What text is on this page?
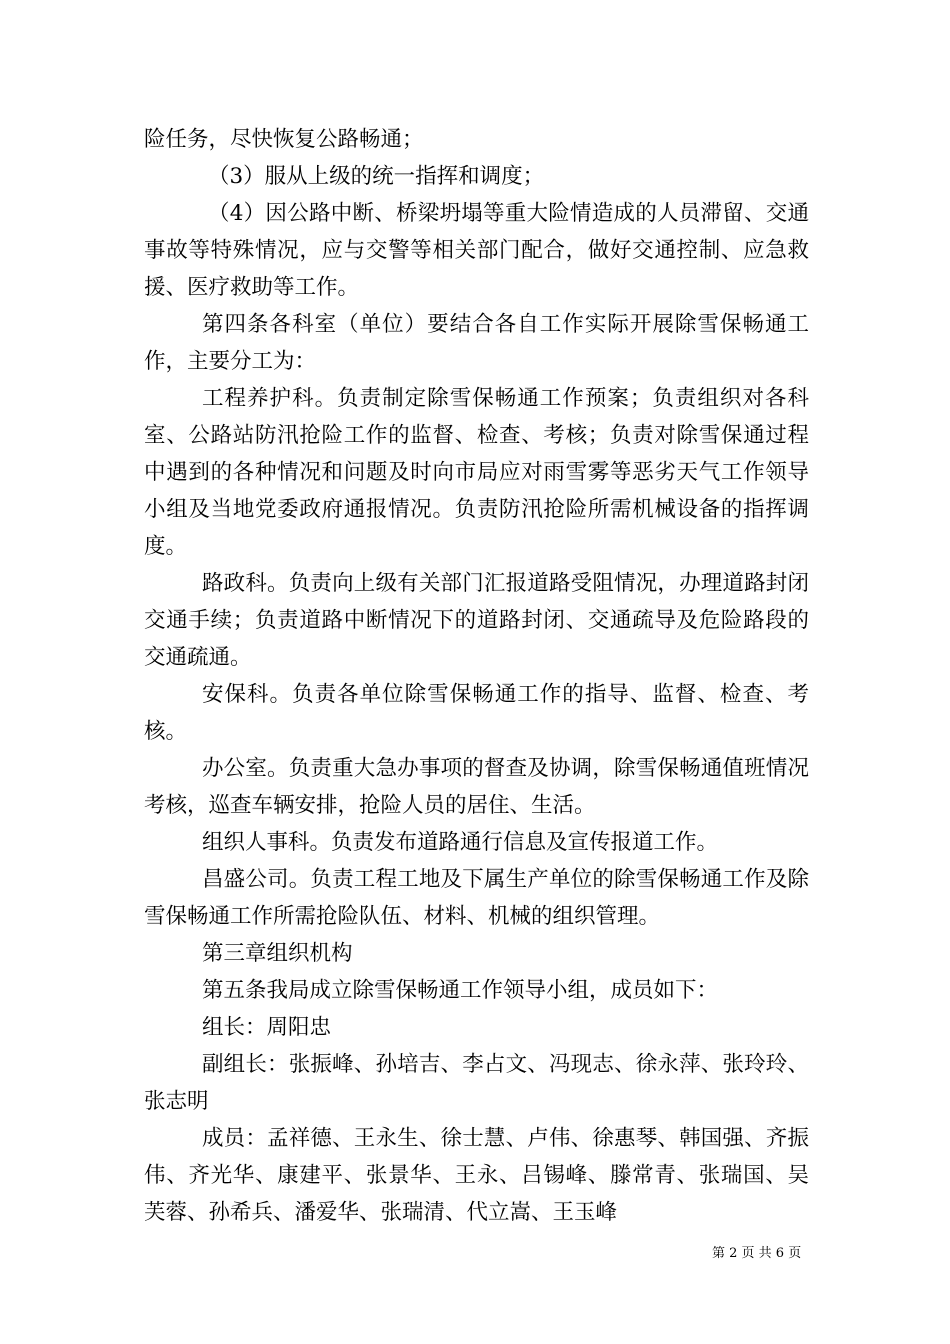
险任务，尽快恢复公路畅通；

（3）服从上级的统一指挥和调度；

（4）因公路中断、桥梁坍塌等重大险情造成的人员滞留、交通事故等特殊情况，应与交警等相关部门配合，做好交通控制、应急救援、医疗救助等工作。

第四条各科室（单位）要结合各自工作实际开展除雪保畅通工作，主要分工为：

工程养护科。负责制定除雪保畅通工作预案；负责组织对各科室、公路站防汛抢险工作的监督、检查、考核；负责对除雪保通过程中遇到的各种情况和问题及时向市局应对雨雪雾等恶劣天气工作领导小组及当地党委政府通报情况。负责防汛抢险所需机械设备的指挥调度。

路政科。负责向上级有关部门汇报道路受阻情况，办理道路封闭交通手续；负责道路中断情况下的道路封闭、交通疏导及危险路段的交通疏通。

安保科。负责各单位除雪保畅通工作的指导、监督、检查、考核。

办公室。负责重大急办事项的督查及协调，除雪保畅通值班情况考核，巡查车辆安排，抢险人员的居住、生活。

组织人事科。负责发布道路通行信息及宣传报道工作。

昌盛公司。负责工程工地及下属生产单位的除雪保畅通工作及除雪保畅通工作所需抢险队伍、材料、机械的组织管理。

第三章组织机构

第五条我局成立除雪保畅通工作领导小组，成员如下：

组长：周阳忠

副组长：张振峰、孙培吉、李占文、冯现志、徐永萍、张玲玲、张志明

成员：孟祥德、王永生、徐士慧、卢伟、徐惠琴、韩国强、齐振伟、齐光华、康建平、张景华、王永、吕锡峰、滕常青、张瑞国、吴芙蓉、孙希兵、潘爱华、张瑞清、代立嵩、王玉峰

第 2 页 共 6 页
